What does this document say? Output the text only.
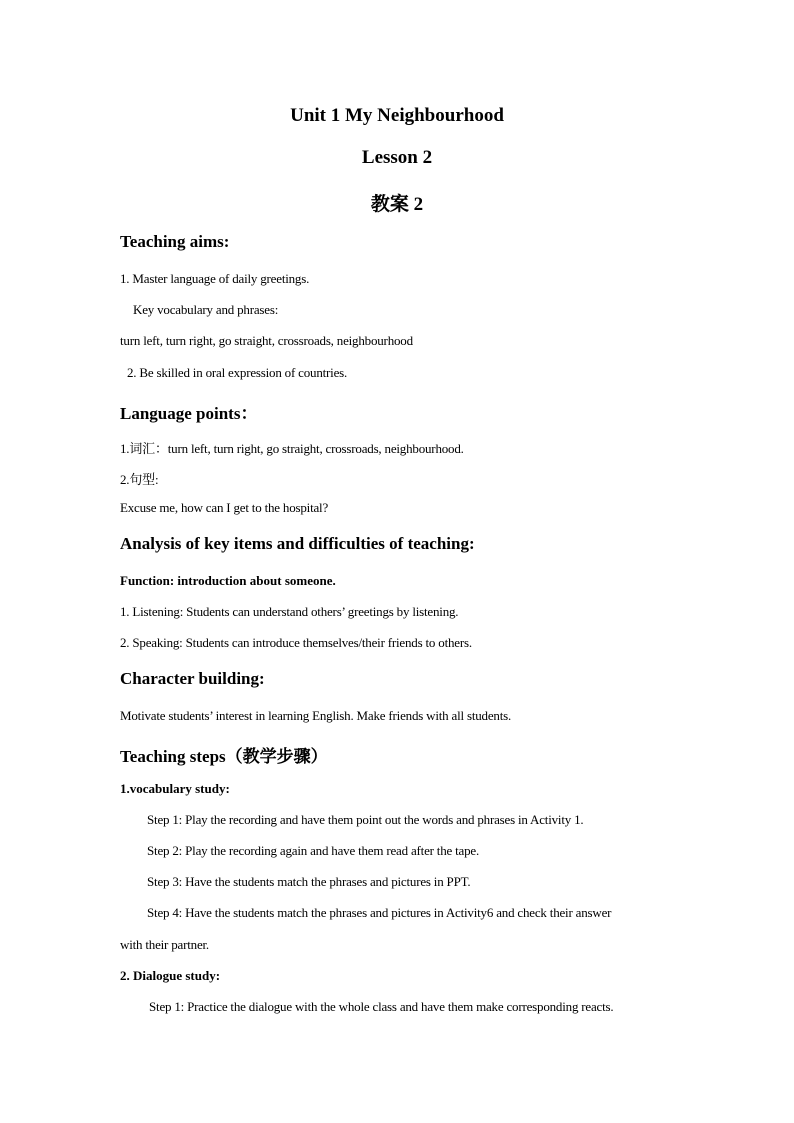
Unit 1 My Neighbourhood
Lesson 2
教案 2
Teaching aims:
1. Master language of daily greetings.
Key vocabulary and phrases:
turn left, turn right, go straight, crossroads, neighbourhood
2. Be skilled in oral expression of countries.
Language points：
1.词汇：turn left, turn right, go straight, crossroads, neighbourhood.
2.句型:
Excuse me, how can I get to the hospital?
Analysis of key items and difficulties of teaching:
Function: introduction about someone.
1. Listening: Students can understand others’ greetings by listening.
2. Speaking: Students can introduce themselves/their friends to others.
Character building:
Motivate students’ interest in learning English. Make friends with all students.
Teaching steps（教学步骤）
1.vocabulary study:
Step 1: Play the recording and have them point out the words and phrases in Activity 1.
Step 2: Play the recording again and have them read after the tape.
Step 3: Have the students match the phrases and pictures in PPT.
Step 4: Have the students match the phrases and pictures in Activity6 and check their answer
with their partner.
2. Dialogue study:
Step 1: Practice the dialogue with the whole class and have them make corresponding reacts.
